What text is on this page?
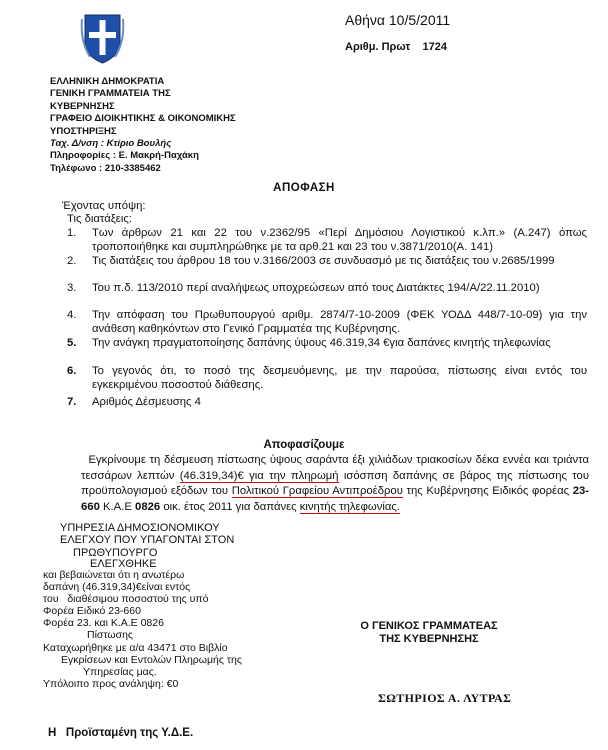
Αθήνα 10/5/2011
Αριθμ. Πρωτ    1724
ΕΛΛΗΝΙΚΗ ΔΗΜΟΚΡΑΤΙΑ
ΓΕΝΙΚΗ ΓΡΑΜΜΑΤΕΙΑ ΤΗΣ
ΚΥΒΕΡΝΗΣΗΣ
ΓΡΑΦΕΙΟ ΔΙΟΙΚΗΤΙΚΗΣ & ΟΙΚΟΝΟΜΙΚΗΣ
ΥΠΟΣΤΗΡΙΞΗΣ
Ταχ. Δ/νση : Κτίριο Βουλής
Πληροφορίες : Ε. Μακρή-Παχάκη
Τηλέφωνο : 210-3385462
ΑΠΟΦΑΣΗ
Έχοντας υπόψη:
Τις διατάξεις:
1.	Των άρθρων 21 και 22 του ν.2362/95 «Περί Δημόσιου Λογιστικού κ.λπ.» (Α.247) όπως τροποποιήθηκε και συμπληρώθηκε με τα αρθ.21 και 23 του ν.3871/2010(Α. 141)
2.	Τις διατάξεις του άρθρου 18 του ν.3166/2003 σε συνδυασμό με τις διατάξεις του ν.2685/1999
3.	Του π.δ. 113/2010 περί αναλήψεως υποχρεώσεων από τους Διατάκτες 194/Α/22.11.2010)
4.	Την απόφαση του Πρωθυπουργού αριθμ. 2874/7-10-2009 (ΦΕΚ ΥΟΔΔ 448/7-10-09) για την ανάθεση καθηκόντων στο Γενικό Γραμματέα της Κυβέρνησης.
5.	Την ανάγκη πραγματοποίησης δαπάνης ύψους 46.319,34 €για δαπάνες κινητής τηλεφωνίας
6.	Το γεγονός ότι, το ποσό της δεσμευόμενης, με την παρούσα, πίστωσης είναι εντός του εγκεκριμένου ποσοστού διάθεσης.
7.	Αριθμός Δέσμευσης 4
Αποφασίζουμε

Εγκρίνουμε τη δέσμευση πίστωσης ύψους σαράντα έξι χιλιάδων τριακοσίων δέκα εννέα και τριάντα τεσσάρων λεπτών (46.319,34)€ για την πληρωμή ισόσπση δαπάνης σε βάρος της πίστωσης του προϋπολογισμού εξόδων του Πολιτικού Γραφείου Αντιπροέδρου της Κυβέρνησης Ειδικός φορέας 23-660 Κ.Α.Ε 0826 οικ. έτος 2011 για δαπάνες κινητής τηλεφωνίας.

ΥΠΗΡΕΣΙΑ ΔΗΜΟΣΙΟΝΟΜΙΚΟΥ
ΕΛΕΓΧΟΥ ΠΟΥ ΥΠΑΓΟΝΤΑΙ ΣΤΟΝ
ΠΡΩΘΥΠΟΥΡΓΟ
ΕΛΕΓΧΘΗΚΕ
και βεβαιώνεται ότι η ανωτέρω
δαπάνη (46.319,34)€είναι εντός
του   διαθέσιμου ποσοστού της υπό
Φορέα Ειδικό 23-660
Φορέα 23. και Κ.Α.Ε 0826
Πίστωσης
Καταχωρήθηκε με α/α 43471 στο Βιβλίο
Εγκρίσεων και Εντολών Πληρωμής της
Υπηρεσίας μας.
Υπόλοιπο προς ανάληψη: €0
Ο ΓΕΝΙΚΟΣ ΓΡΑΜΜΑΤΕΑΣ
ΤΗΣ ΚΥΒΕΡΝΗΣΗΣ
ΣΩΤΗΡΙΟΣ Α. ΛΥΤΡΑΣ
Η   Προϊσταμένη της Υ.Δ.Ε.
